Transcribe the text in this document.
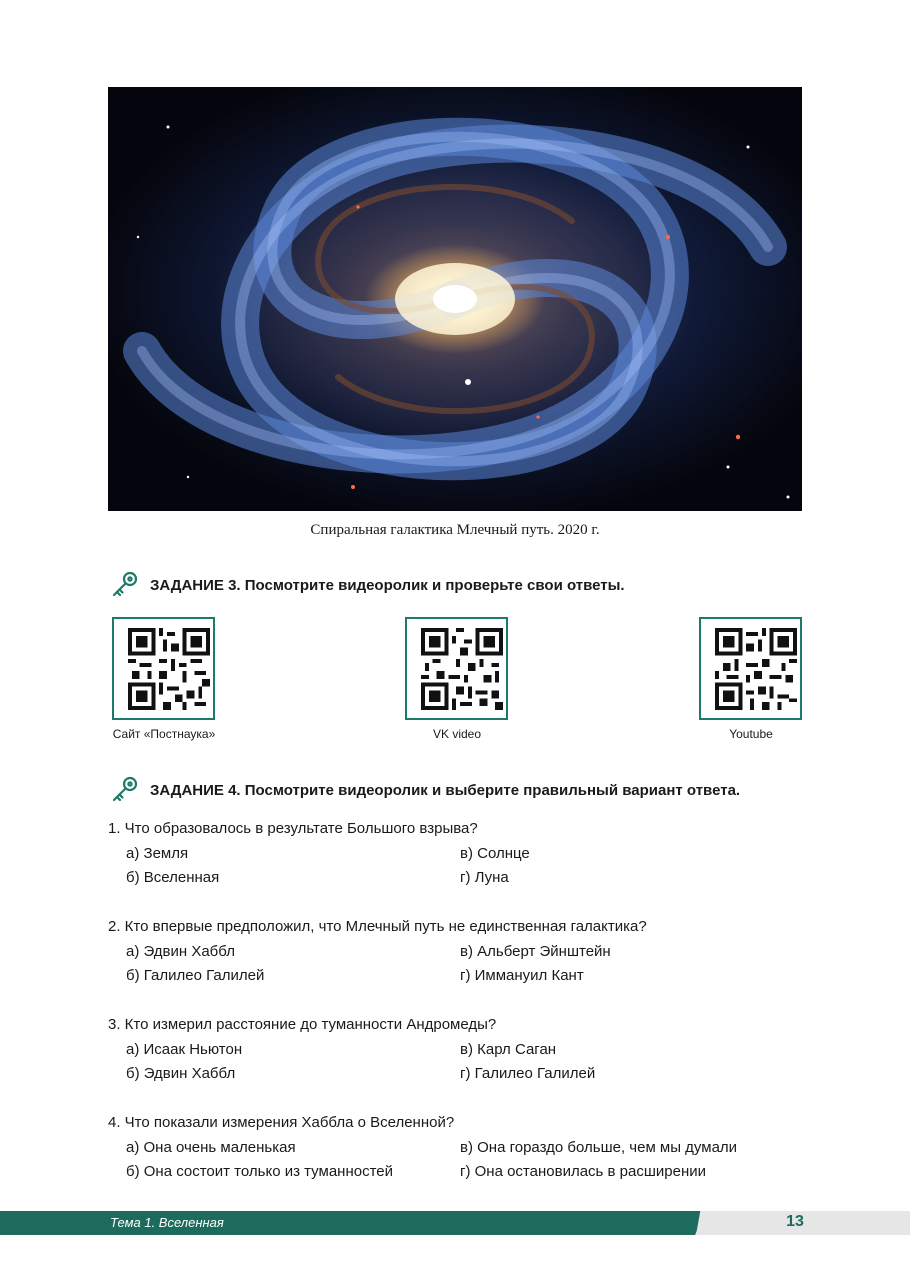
Спиральная галактика Млечный путь. 2020 г.
ЗАДАНИЕ 3. Посмотрите видеоролик и проверьте свои ответы.
Сайт «Постнаука»	VK video	Youtube
ЗАДАНИЕ 4. Посмотрите видеоролик и выберите правильный вариант ответа.
1. Что образовалось в результате Большого взрыва?
а) Земля	в) Солнце
б) Вселенная	г) Луна
2. Кто впервые предположил, что Млечный путь не единственная галактика?
а) Эдвин Хаббл	в) Альберт Эйнштейн
б) Галилео Галилей	г) Иммануил Кант
3. Кто измерил расстояние до туманности Андромеды?
а) Исаак Ньютон	в) Карл Саган
б) Эдвин Хаббл	г) Галилео Галилей
4. Что показали измерения Хаббла о Вселенной?
а) Она очень маленькая	в) Она гораздо больше, чем мы думали
б) Она состоит только из туманностей	г) Она остановилась в расширении
Тема 1. Вселенная	13
